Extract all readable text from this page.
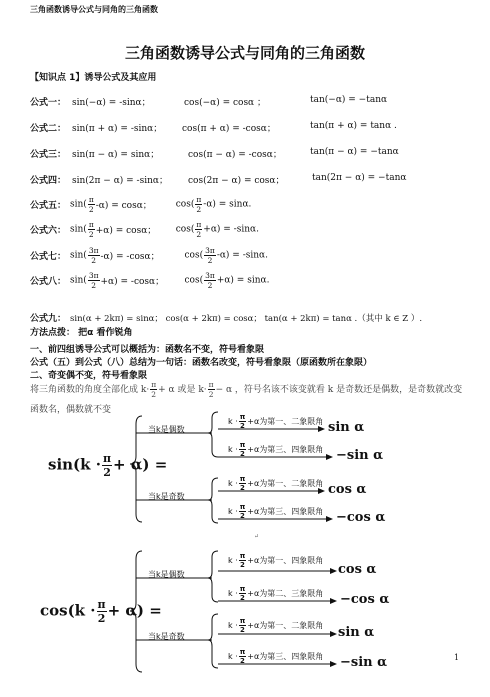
三角函数诱导公式与同角的三角函数
三角函数诱导公式与同角的三角函数
【知识点 1】诱导公式及其应用
公式一： sin(−α) = -sinα；	cos(−α) = cosα ；	tan(−α) = −tanα
公式二： sin(π + α) = -sinα； cos(π + α) = -cosα；	tan(π + α) = tanα .
公式三： sin(π − α) = sinα；	cos(π − α) = -cosα；	tan(π − α) = −tanα
公式四： sin(2π − α) = -sinα； cos(2π − α) = cosα；	tan(2π − α) = −tanα
公式五： $\sin( \frac{\pi}{2} -\alpha) = \cos\alpha$；	$\cos( \frac{\pi}{2} -\alpha) = \sin\alpha$.
公式六： $\sin( \frac{\pi}{2} +\alpha) = \cos\alpha$； $\cos( \frac{\pi}{2} +\alpha) = -\sin\alpha$.
公式七： $\sin( \frac{3\pi}{2} -\alpha) = -\cos\alpha$；	$\cos( \frac{3\pi}{2} -\alpha) = -\sin\alpha$.
公式八： $\sin( \frac{3\pi}{2} +\alpha) = -\cos\alpha$； $\cos( \frac{3\pi}{2} +\alpha) = \sin\alpha$.
公式九： sin(α + 2kπ) = sinα； cos(α + 2kπ) = cosα； tan(α + 2kπ) = tanα .（其中 k ∈ Z ）.
方法点拨： 把α 看作锐角
一、前四组诱导公式可以概括为：函数名不变，符号看象限
公式（五）到公式（八）总结为一句话：函数名改变，符号看象限（原函数所在象限）
二、奇变偶不变，符号看象限
将三角函数的角度全部化成 $k\cdot \frac{\pi}{2} + \alpha$ 或是 $k\cdot \frac{\pi}{2} - \alpha$ ，符号名该不该变就看 k 是奇数还是偶数，是奇数就改变
函数名，偶数就不变
$\sin(k \cdot \frac{\pi}{2} + \alpha)$ =
当k是偶数
当k是奇数
$k \cdot \frac{\pi}{2} +\alpha$为第一、二象限角
$k \cdot \frac{\pi}{2} +\alpha$为第三、四象限角
$k \cdot \frac{\pi}{2} +\alpha$为第一、二象限角
$k \cdot \frac{\pi}{2} +\alpha$为第三、四象限角
sin α
−sin α
cos α
−cos α
↵
$\cos(k \cdot \frac{\pi}{2} + \alpha)$ =
当k是偶数
当k是奇数
$k \cdot \frac{\pi}{2} +\alpha$为第一、四象限角
$k \cdot \frac{\pi}{2} +\alpha$为第二、三象限角
$k \cdot \frac{\pi}{2} +\alpha$为第一、二象限角
$k \cdot \frac{\pi}{2} +\alpha$为第三、四象限角
cos α
−cos α
sin α
−sin α	1
